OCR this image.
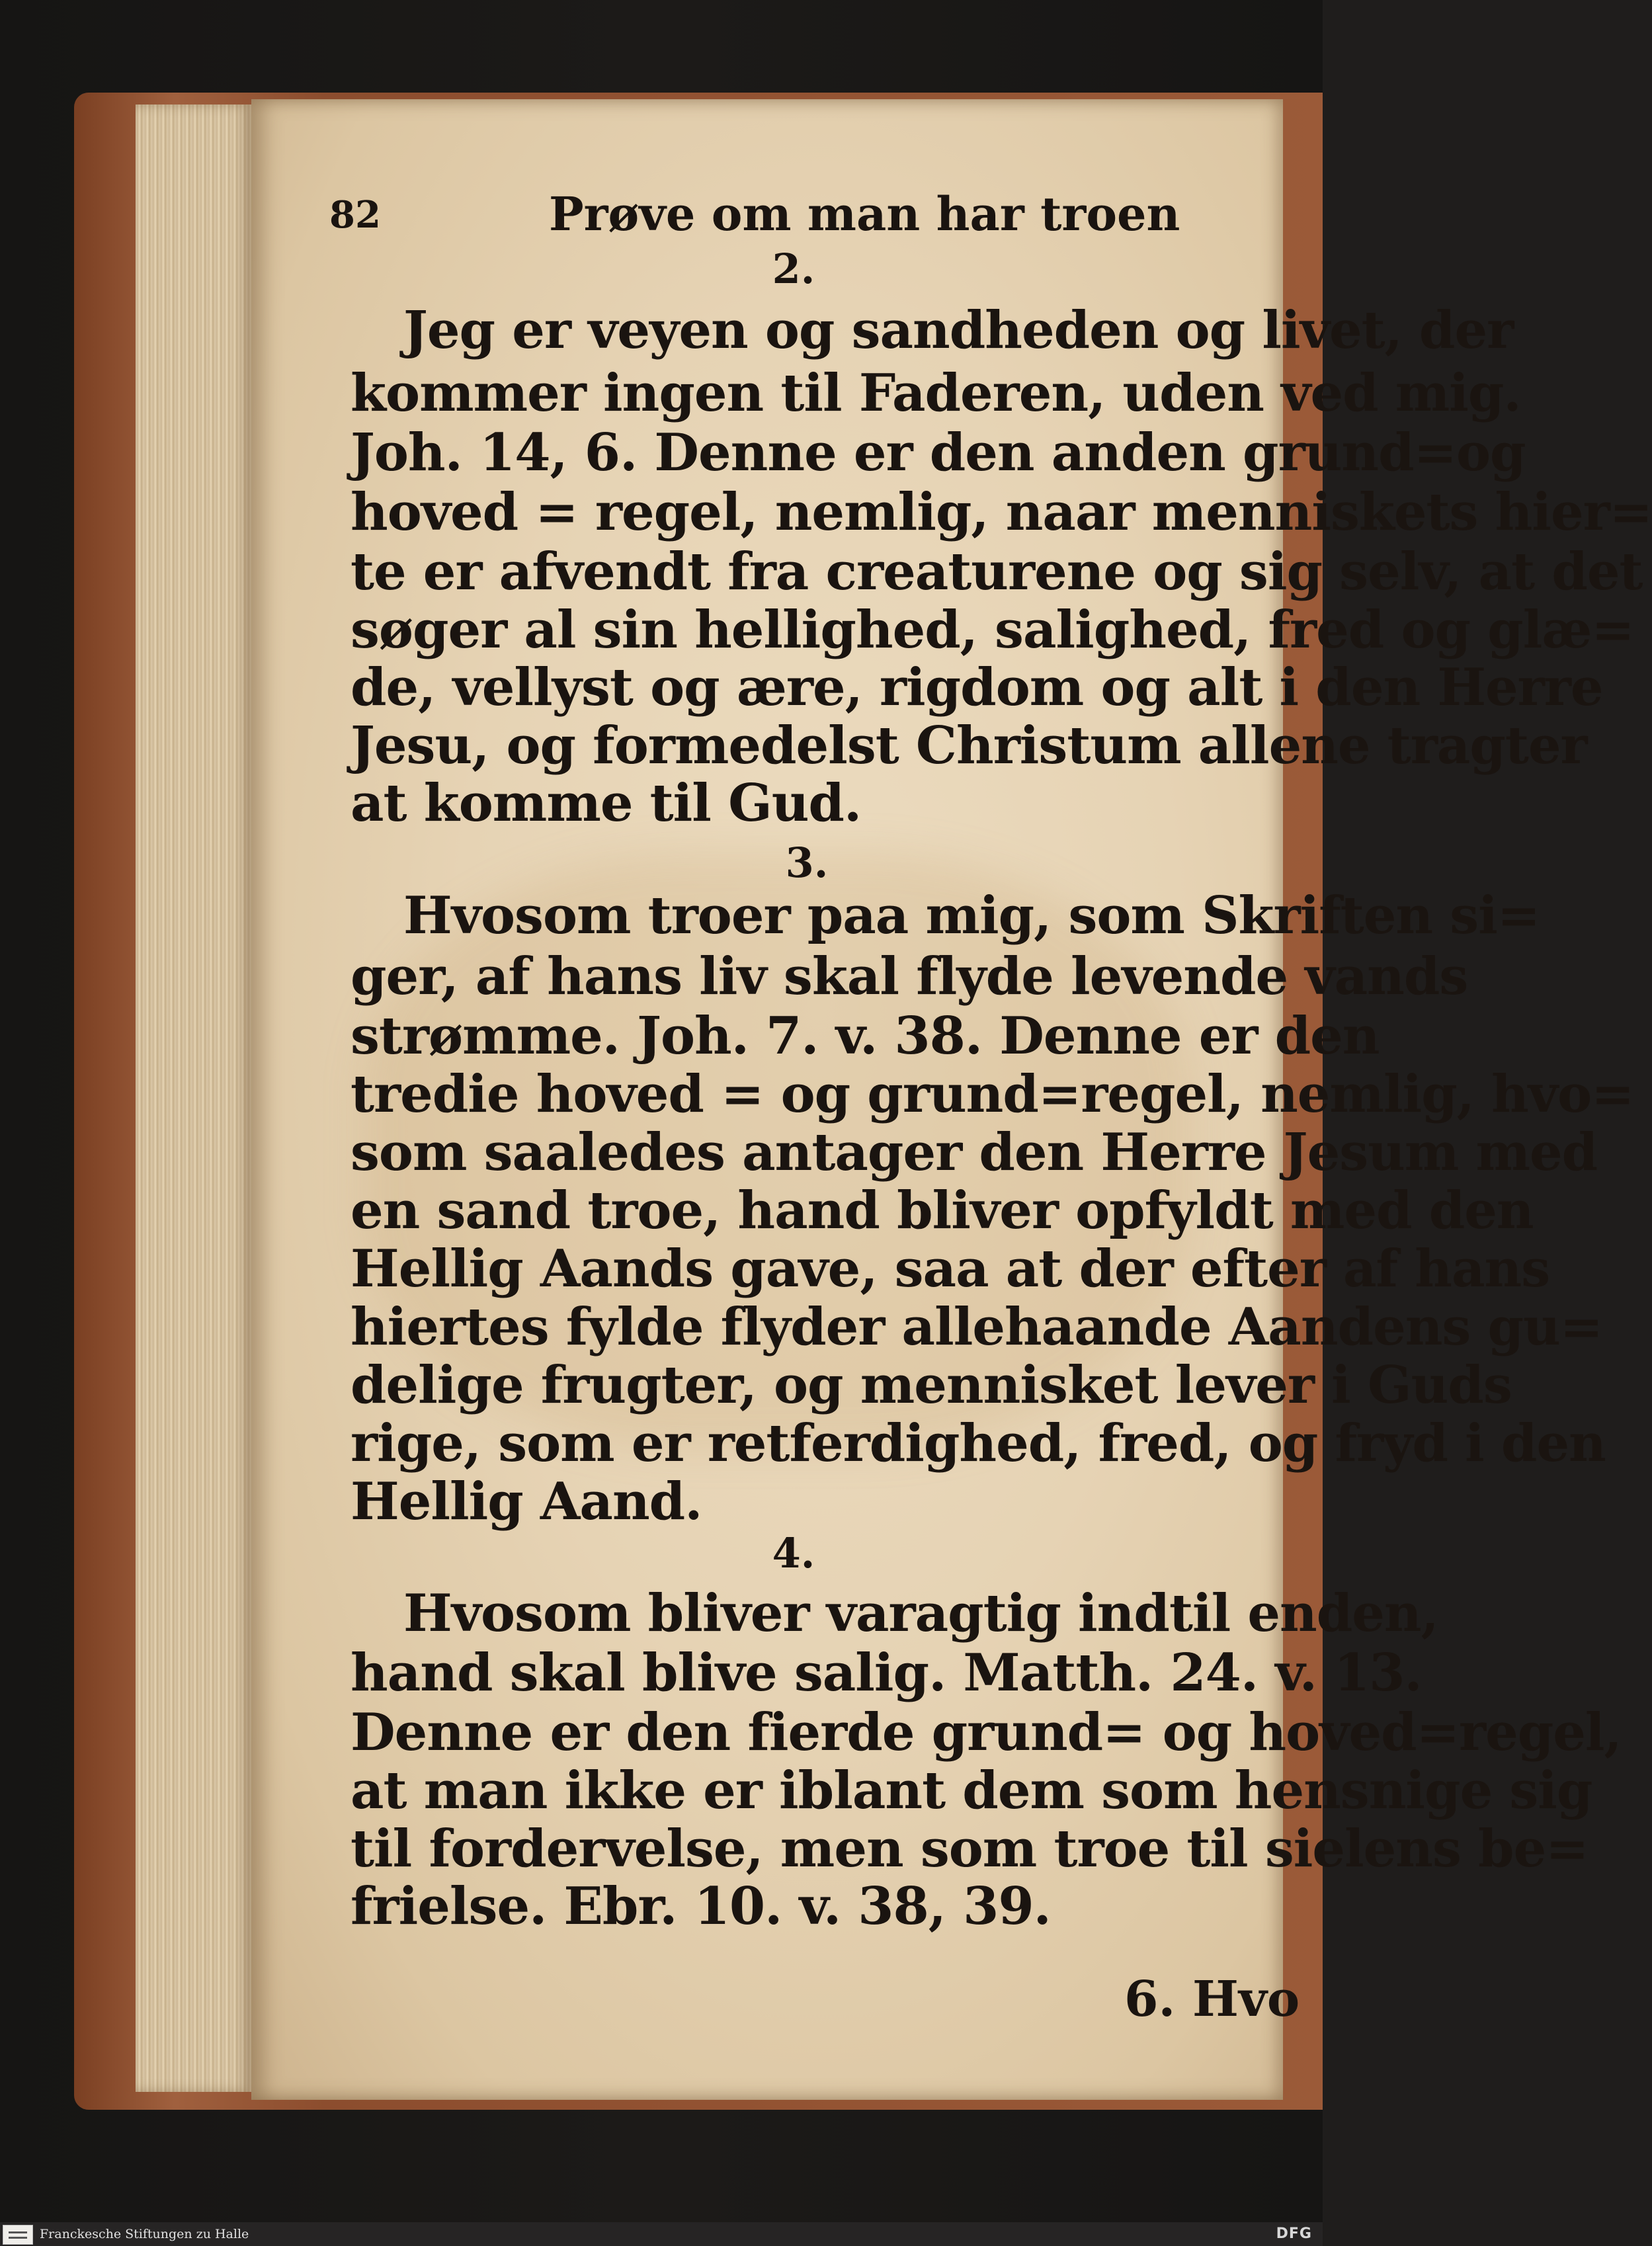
82	Prøve om man har troen
2.

Jeg er veyen og sandheden og livet, der

kommer ingen til Faderen, uden ved mig.

Joh. 14, 6. Denne er den anden grund=og

hoved = regel, nemlig, naar menniskets hier=

te er afvendt fra creaturene og sig selv, at det

søger al sin hellighed, salighed, fred og glæ=

de, vellyst og ære, rigdom og alt i den Herre

Jesu, og formedelst Christum allene tragter

at komme til Gud.

3.

Hvosom troer paa mig, som Skriften si=

ger, af hans liv skal flyde levende vands

strømme. Joh. 7. v. 38. Denne er den

tredie hoved = og grund=regel, nemlig, hvo=

som saaledes antager den Herre Jesum med

en sand troe, hand bliver opfyldt med den

Hellig Aands gave, saa at der efter af hans

hiertes fylde flyder allehaande Aandens gu=

delige frugter, og mennisket lever i Guds

rige, som er retferdighed, fred, og fryd i den

Hellig Aand.

4.

Hvosom bliver varagtig indtil enden,

hand skal blive salig. Matth. 24. v. 13.

Denne er den fierde grund= og hoved=regel,

at man ikke er iblant dem som hensnige sig

til fordervelse, men som troe til sielens be=

frielse. Ebr. 10. v. 38, 39.

6. Hvo
Franckesche Stiftungen zu Halle	DFG
